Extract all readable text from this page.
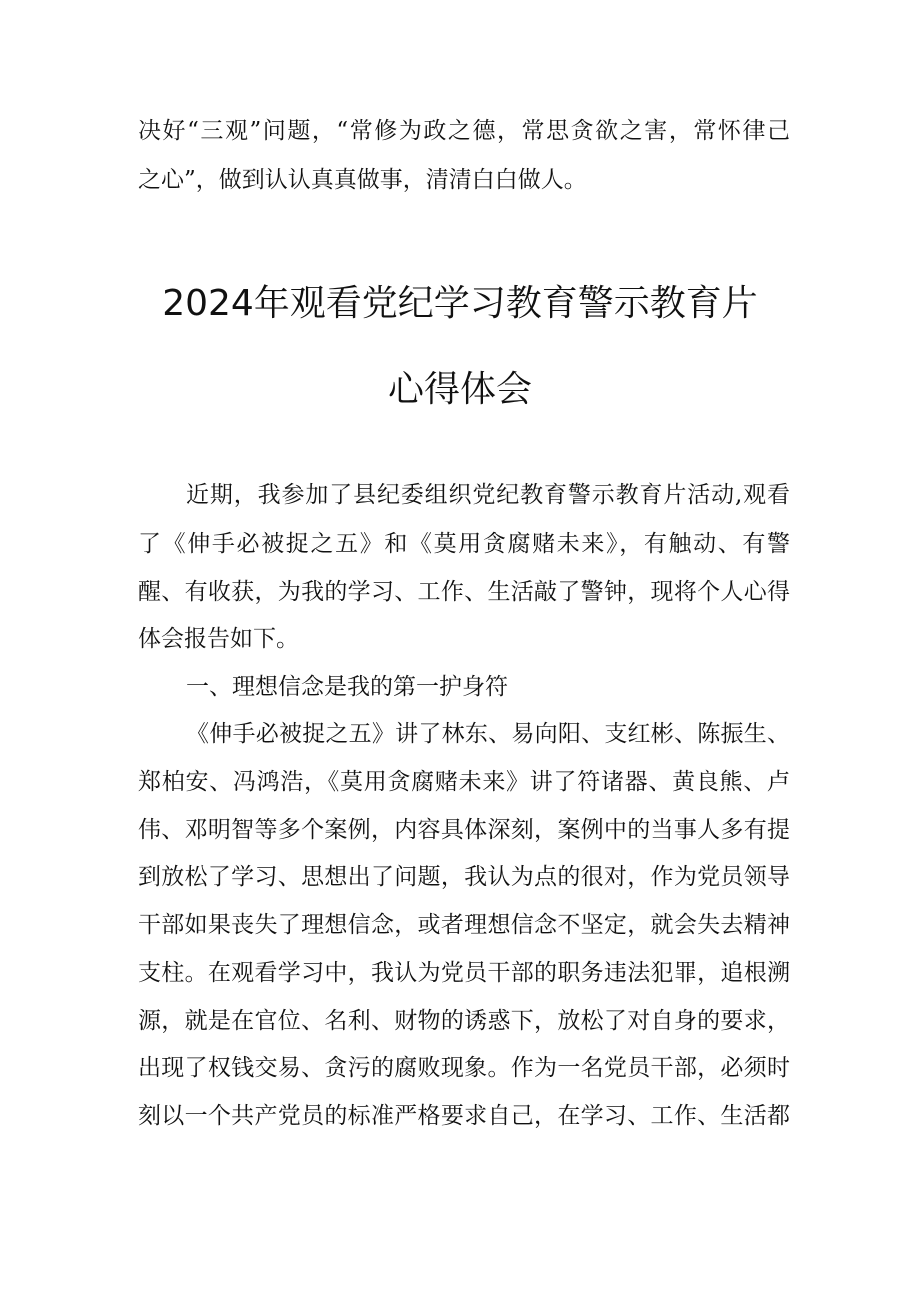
决好“三观”问题，“常修为政之德，常思贪欲之害，常怀律己
之心”，做到认认真真做事，清清白白做人。
2024年观看党纪学习教育警示教育片
心得体会
近期，我参加了县纪委组织党纪教育警示教育片活动,观看
了《伸手必被捉之五》和《莫用贪腐赌未来》，有触动、有警
醒、有收获，为我的学习、工作、生活敲了警钟，现将个人心得
体会报告如下。
一、理想信念是我的第一护身符
《伸手必被捉之五》讲了林东、易向阳、支红彬、陈振生、
郑柏安、冯鸿浩，《莫用贪腐赌未来》讲了符诸器、黄良熊、卢
伟、邓明智等多个案例，内容具体深刻，案例中的当事人多有提
到放松了学习、思想出了问题，我认为点的很对，作为党员领导
干部如果丧失了理想信念，或者理想信念不坚定，就会失去精神
支柱。在观看学习中，我认为党员干部的职务违法犯罪，追根溯
源，就是在官位、名利、财物的诱惑下，放松了对自身的要求，
出现了权钱交易、贪污的腐败现象。作为一名党员干部，必须时
刻以一个共产党员的标准严格要求自己，在学习、工作、生活都
